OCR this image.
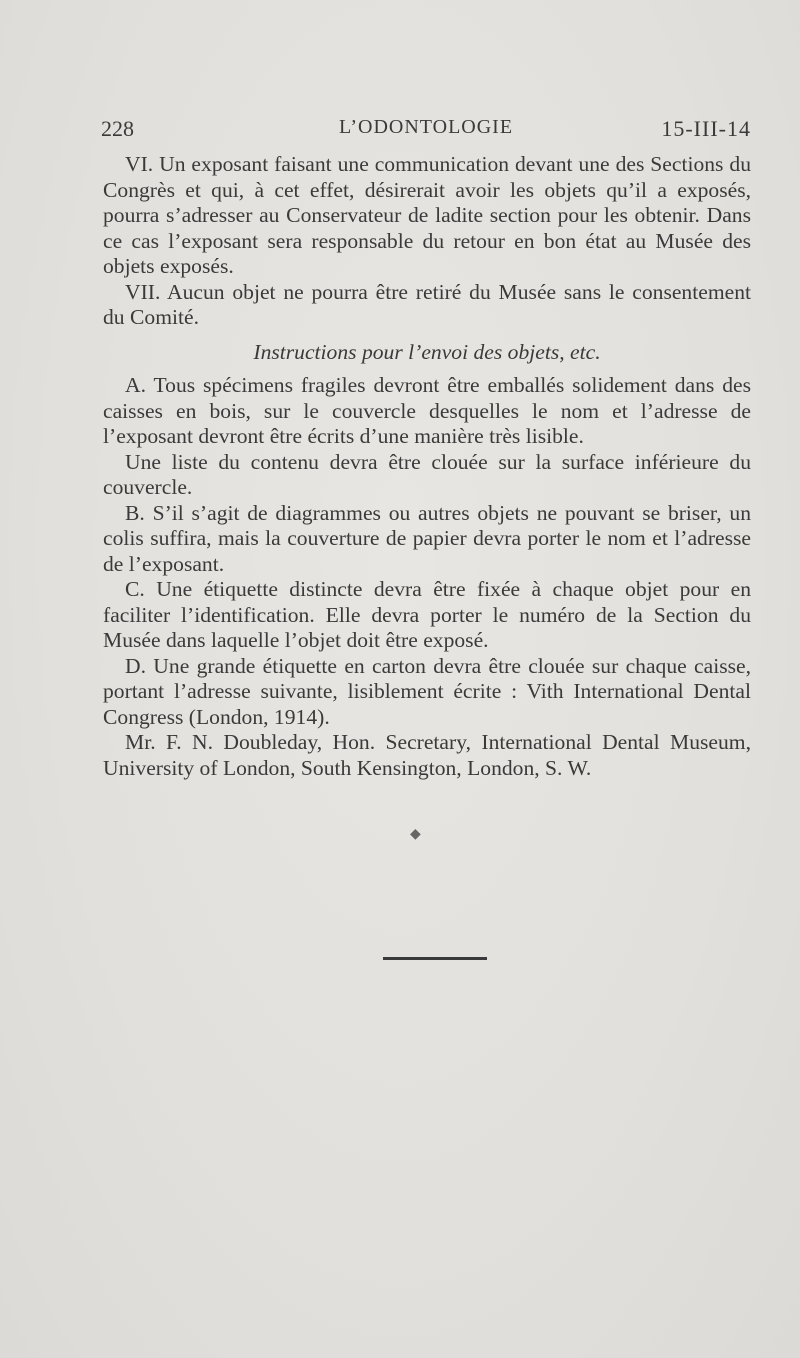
228	L’ODONTOLOGIE	15-III-14

VI. Un exposant faisant une communication devant une des Sections du Congrès et qui, à cet effet, désirerait avoir les objets qu’il a exposés, pourra s’adresser au Conservateur de ladite section pour les obtenir. Dans ce cas l’exposant sera responsable du retour en bon état au Musée des objets exposés.

VII. Aucun objet ne pourra être retiré du Musée sans le consentement du Comité.

Instructions pour l’envoi des objets, etc.

A. Tous spécimens fragiles devront être emballés solidement dans des caisses en bois, sur le couvercle desquelles le nom et l’adresse de l’exposant devront être écrits d’une manière très lisible.

Une liste du contenu devra être clouée sur la surface inférieure du couvercle.

B. S’il s’agit de diagrammes ou autres objets ne pouvant se briser, un colis suffira, mais la couverture de papier devra porter le nom et l’adresse de l’exposant.

C. Une étiquette distincte devra être fixée à chaque objet pour en faciliter l’identification. Elle devra porter le numéro de la Section du Musée dans laquelle l’objet doit être exposé.

D. Une grande étiquette en carton devra être clouée sur chaque caisse, portant l’adresse suivante, lisiblement écrite : Vith International Dental Congress (London, 1914).

Mr. F. N. Doubleday, Hon. Secretary, International Dental Museum, University of London, South Kensington, London, S. W.

◆
